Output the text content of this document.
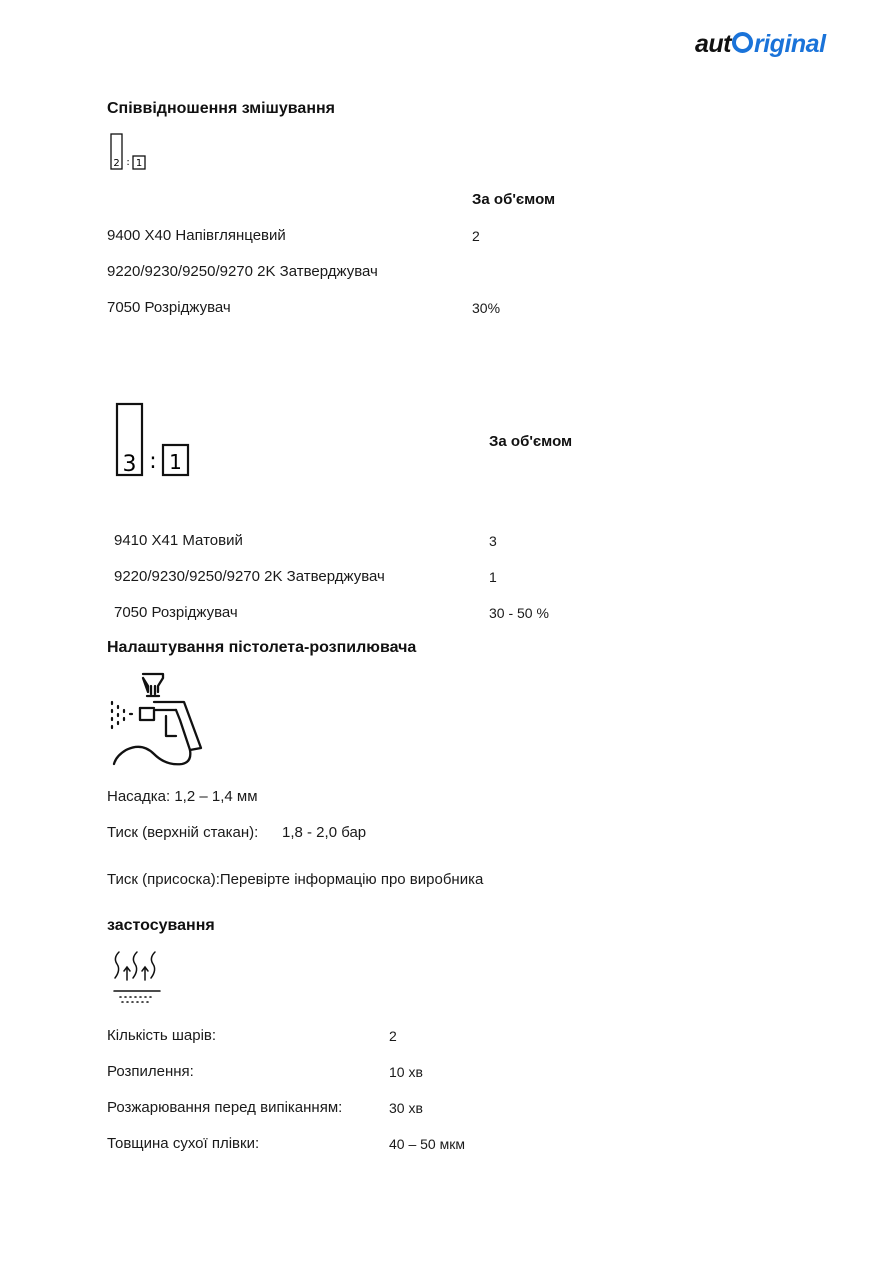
aut riginal
Співвідношення змішування
2 : 1
За об'ємом
9400 X40 Напівглянцевий	2
9220/9230/9250/9270 2K Затверджувач
7050 Розріджувач	30%
3 : 1
За об'ємом
9410 X41 Матовий	3
9220/9230/9250/9270 2K Затверджувач	1
7050 Розріджувач	30 - 50 %
Налаштування пістолета-розпилювача
Насадка: 1,2 – 1,4 мм
Тиск (верхній стакан): 1,8 - 2,0 бар
Тиск (присоска):Перевірте інформацію про виробника
застосування
Кількість шарів:	2
Розпилення:	10 хв
Розжарювання перед випіканням:	30 хв
Товщина сухої плівки:	40 – 50 мкм
